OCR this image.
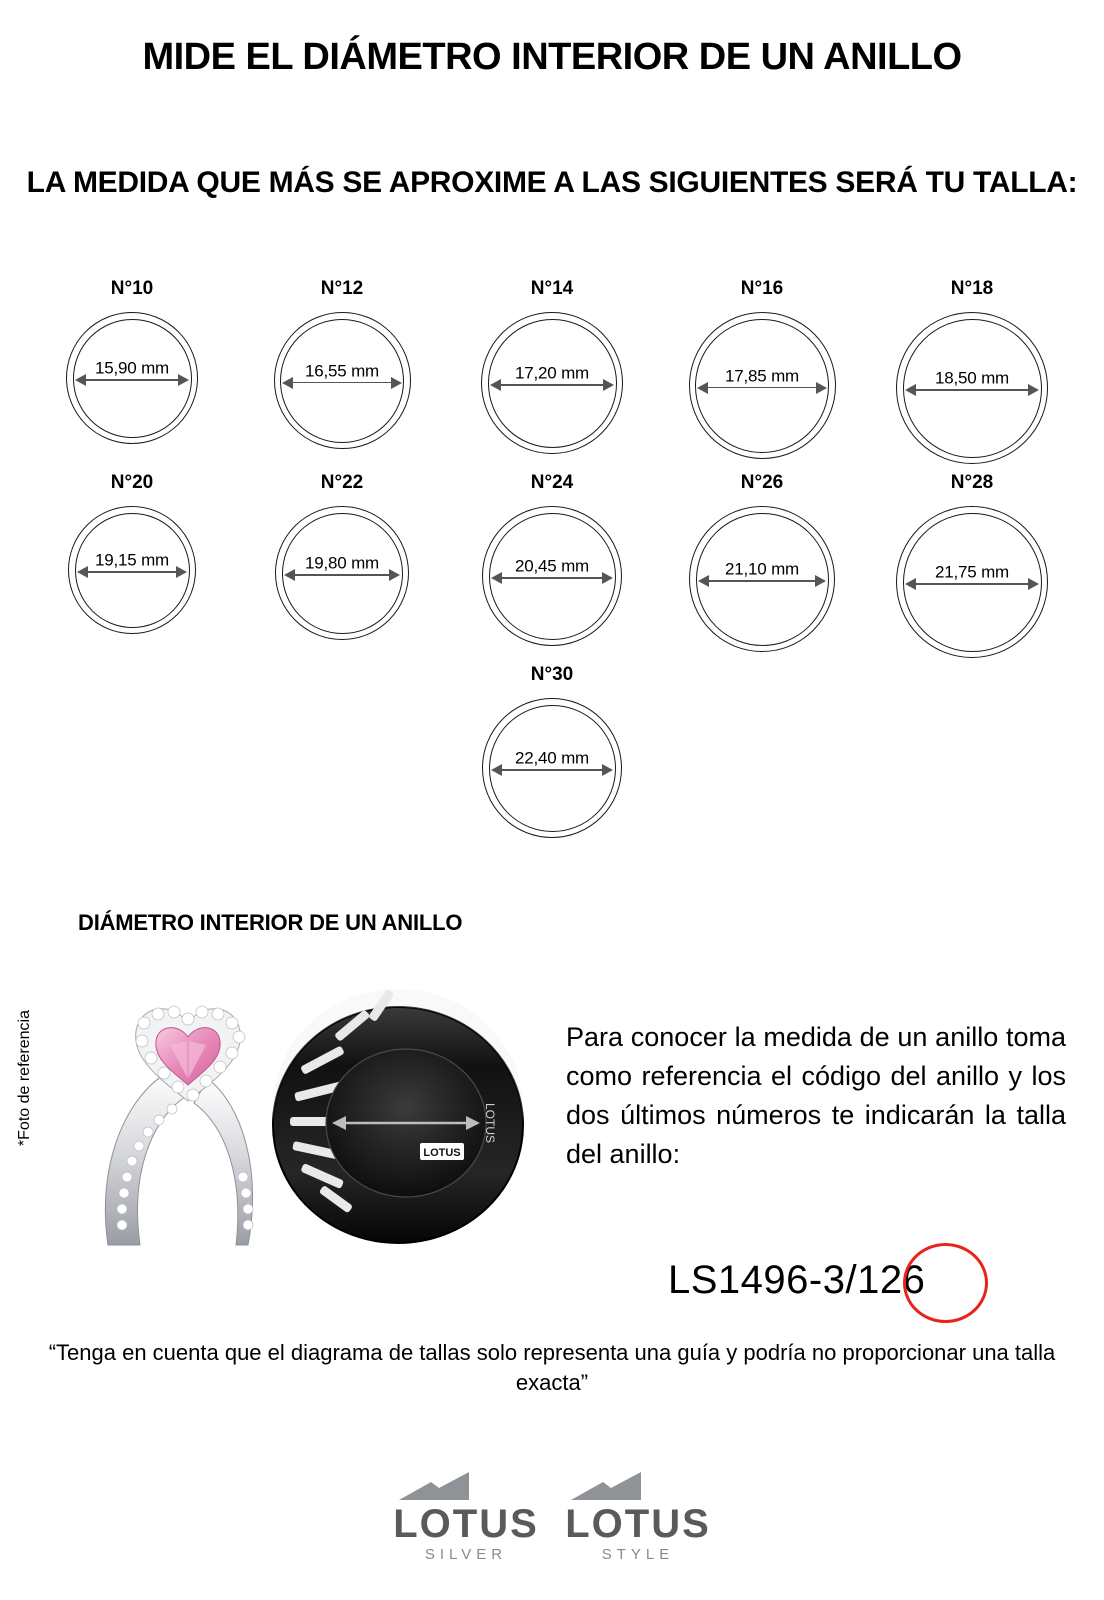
MIDE EL DIÁMETRO INTERIOR DE UN ANILLO
LA MEDIDA QUE MÁS SE APROXIME A LAS SIGUIENTES SERÁ TU TALLA:
N°10
15,90 mm
N°12
16,55 mm
N°14
17,20 mm
N°16
17,85 mm
N°18
18,50 mm
N°20
19,15 mm
N°22
19,80 mm
N°24
20,45 mm
N°26
21,10 mm
N°28
21,75 mm
N°30
22,40 mm
DIÁMETRO INTERIOR DE UN ANILLO
*Foto de referencia
LOTUS
LOTUS
Para conocer la medida de un anillo toma como referencia el código del anillo y los dos últimos números te indicarán la talla del anillo:
LS1496-3/126
“Tenga en cuenta que el diagrama de tallas solo representa una guía y podría no proporcionar una talla exacta”
LOTUS
SILVER
LOTUS
STYLE
